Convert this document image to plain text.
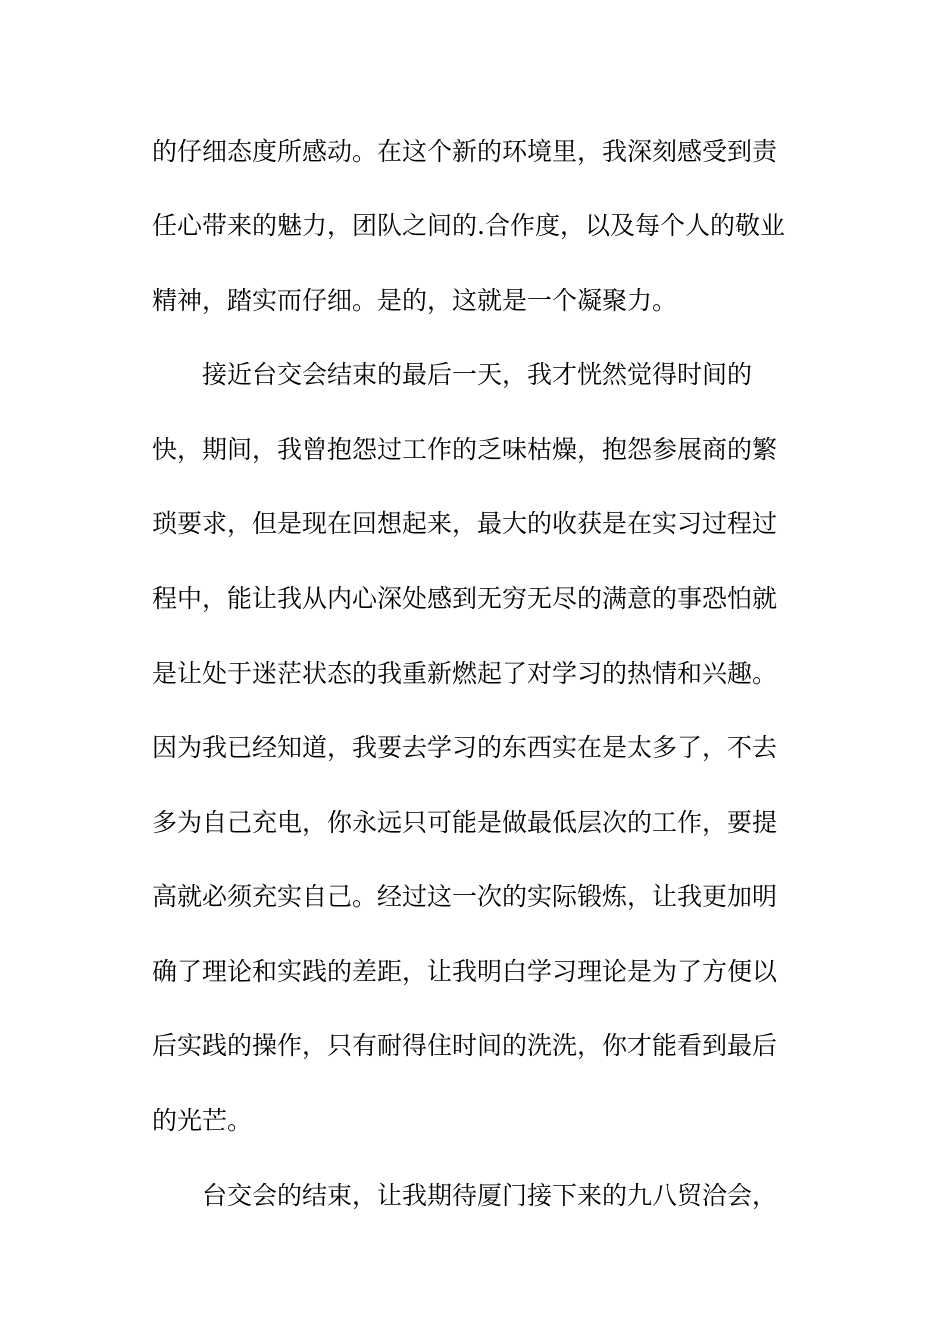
的仔细态度所感动。在这个新的环境里，我深刻感受到责
任心带来的魅力，团队之间的.合作度，以及每个人的敬业
精神，踏实而仔细。是的，这就是一个凝聚力。
接近台交会结束的最后一天，我才恍然觉得时间的
快，期间，我曾抱怨过工作的乏味枯燥，抱怨参展商的繁
琐要求，但是现在回想起来，最大的收获是在实习过程过
程中，能让我从内心深处感到无穷无尽的满意的事恐怕就
是让处于迷茫状态的我重新燃起了对学习的热情和兴趣。
因为我已经知道，我要去学习的东西实在是太多了，不去
多为自己充电，你永远只可能是做最低层次的工作，要提
高就必须充实自己。经过这一次的实际锻炼，让我更加明
确了理论和实践的差距，让我明白学习理论是为了方便以
后实践的操作，只有耐得住时间的洗洗，你才能看到最后
的光芒。
台交会的结束，让我期待厦门接下来的九八贸洽会，
